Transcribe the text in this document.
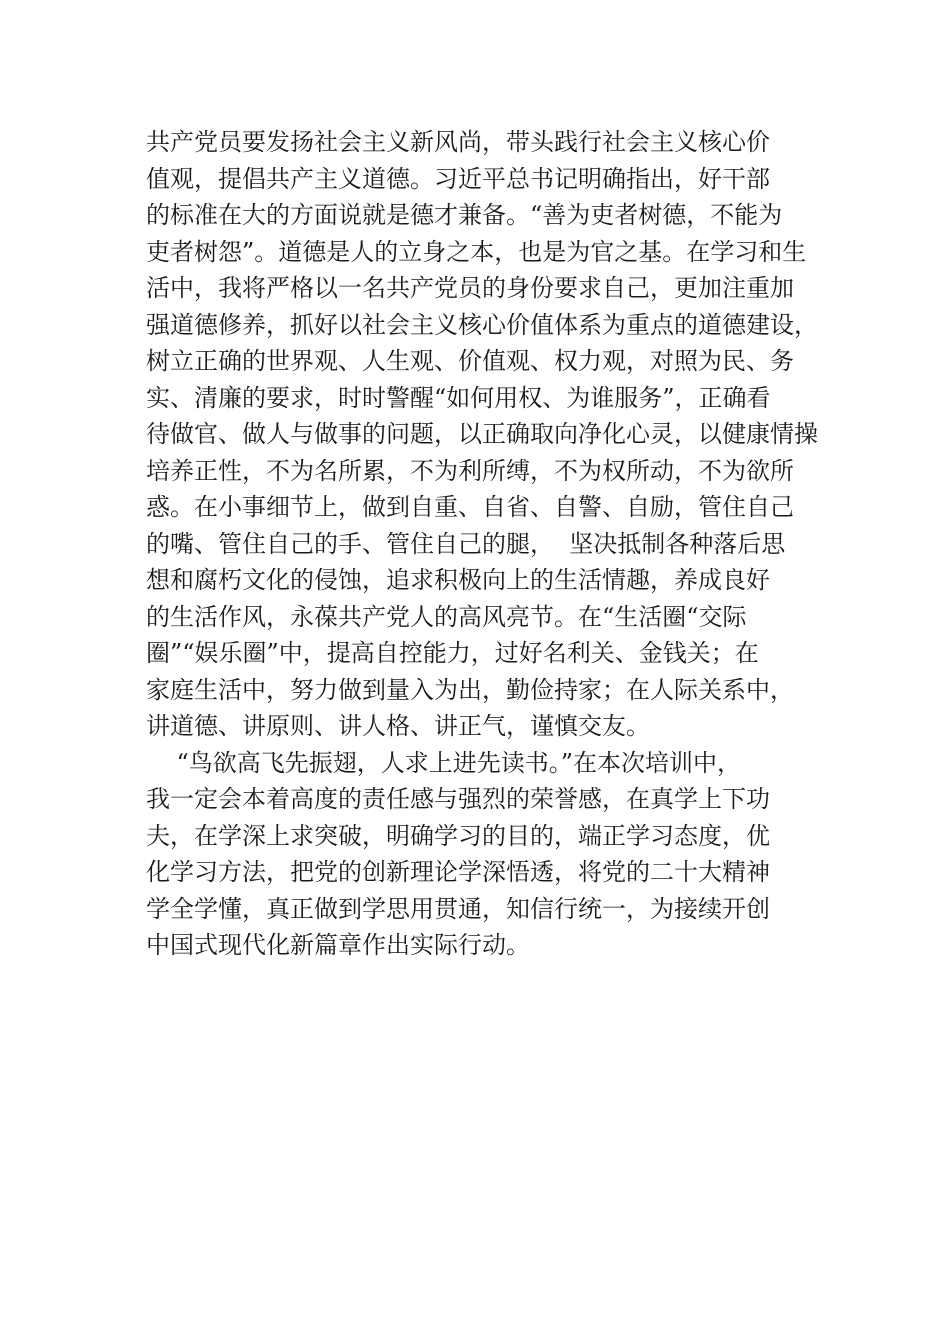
共产党员要发扬社会主义新风尚，带头践行社会主义核心价
值观，提倡共产主义道德。习近平总书记明确指出，好干部
的标准在大的方面说就是德才兼备。“善为吏者树德，不能为
吏者树怨”。道德是人的立身之本，也是为官之基。在学习和生
活中，我将严格以一名共产党员的身份要求自己，更加注重加
强道德修养，抓好以社会主义核心价值体系为重点的道德建设，
树立正确的世界观、人生观、价值观、权力观，对照为民、务
实、清廉的要求，时时警醒“如何用权、为谁服务”，正确看
待做官、做人与做事的问题，以正确取向净化心灵，以健康情操
培养正性，不为名所累，不为利所缚，不为权所动，不为欲所
惑。在小事细节上，做到自重、自省、自警、自励，管住自己
的嘴、管住自己的手、管住自己的腿，  坚决抵制各种落后思
想和腐朽文化的侵蚀，追求积极向上的生活情趣，养成良好
的生活作风，永葆共产党人的高风亮节。在“生活圈“交际
圈”“娱乐圈”中，提高自控能力，过好名利关、金钱关；在
家庭生活中，努力做到量入为出，勤俭持家；在人际关系中，
讲道德、讲原则、讲人格、讲正气，谨慎交友。
“鸟欲高飞先振翅，人求上进先读书。”在本次培训中，
我一定会本着高度的责任感与强烈的荣誉感，在真学上下功
夫，在学深上求突破，明确学习的目的，端正学习态度，优
化学习方法，把党的创新理论学深悟透，将党的二十大精神
学全学懂，真正做到学思用贯通，知信行统一，为接续开创
中国式现代化新篇章作出实际行动。
